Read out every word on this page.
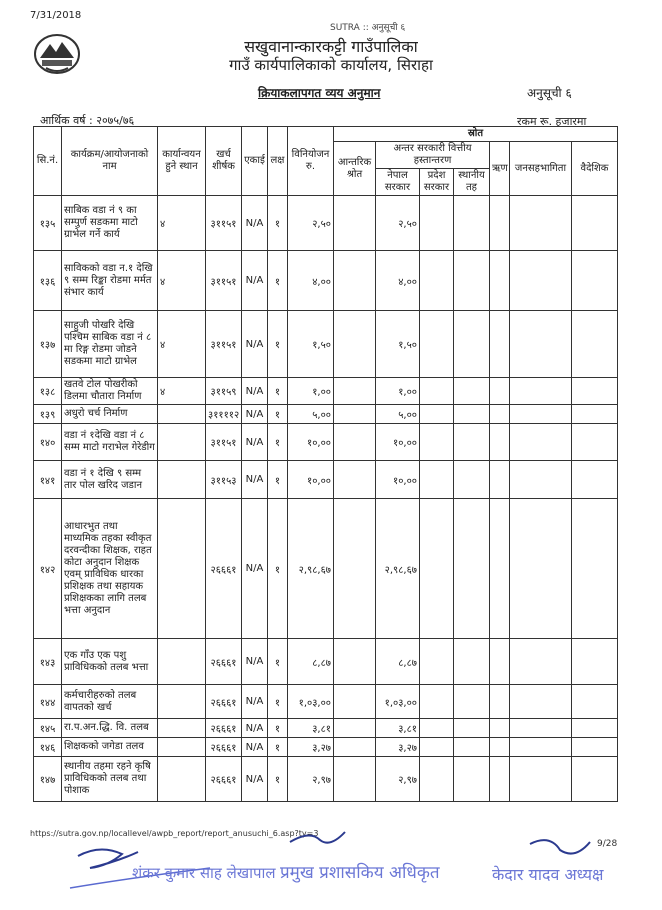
7/31/2018
SUTRA :: अनुसूची ६
सखुवानान्कारकट्टी गाउँपालिका
गाउँ कार्यपालिकाको कार्यालय, सिराहा
क्रियाकलापगत व्यय अनुमान	अनुसूची ६
आर्थिक वर्ष : २०७५/७६	रकम रू. हजारमा
सि.नं.	कार्यक्रम/आयोजनाको नाम	कार्यान्वयन हुने स्थान	खर्च शीर्षक	एकाई	लक्ष	विनियोजन रु.	स्रोत						
							आन्तरिक श्रोत	अन्तर सरकारी वित्तीय हस्तान्तरण			ऋण	जनसहभागिता	वैदेशिक
								नेपाल सरकार	प्रदेश सरकार	स्थानीय तह			
१३५	साबिक वडा नं ९ का सम्पुर्ण सडकमा माटो ग्राभेल गर्ने कार्य	४	३११५१	N/A	१	२,५०		२,५०					
१३६	साविकको वडा न.१ देखि ९ सम्म रिङ्का रोडमा मर्मत संभार कार्य	४	३११५१	N/A	१	४,००		४,००					
१३७	साहुजी पोखरि देखि पश्चिम साबिक वडा नं ८ मा रिङ्ग रोडमा जोडने सडकमा माटो ग्राभेल	४	३११५१	N/A	१	१,५०		१,५०					
१३८	खतवे टोल पोखरीको डिलमा चौतारा निर्माण	४	३११५९	N/A	१	१,००		१,००					
१३९	अधुरो चर्च निर्माण		३११११२	N/A	१	५,००		५,००					
१४०	वडा नं १देखि वडा नं ८ सम्म माटो गराभेल गेरेडीग		३११५१	N/A	१	१०,००		१०,००					
१४१	वडा नं १ देखि ९ सम्म तार पोल खरिद जडान		३११५३	N/A	१	१०,००		१०,००					
१४२	आधारभुत तथा माध्यमिक तहका स्वीकृत दरवन्दीका शिक्षक, राहत कोटा अनुदान शिक्षक एवम् प्राविधिक धारका प्रशिक्षक तथा सहायक प्रशिक्षकका लागि तलब भत्ता अनुदान		२६६६१	N/A	१	२,९८,६७		२,९८,६७					
१४३	एक गाँउ एक पशु प्राविधिकको तलब भत्ता		२६६६१	N/A	१	८,८७		८,८७					
१४४	कर्मचारीहरुको तलब वापतको खर्च		२६६६१	N/A	१	१,०३,००		१,०३,००					
१४५	रा.प.अन.द्धि. वि. तलब		२६६६१	N/A	१	३,८१		३,८१					
१४६	शिक्षकको जगेडा तलव		२६६६१	N/A	१	३,२७		३,२७					
१४७	स्थानीय तहमा रहने कृषि प्राविधिकको तलब तथा पोशाक		२६६६१	N/A	१	२,९७		२,९७					
https://sutra.gov.np/locallevel/awpb_report/report_anusuchi_6.asp?ty=3
9/28
शंकर कुमार साह लेखापाल प्रमुख प्रशासकिय अधिकृत	केदार यादव अध्यक्ष
